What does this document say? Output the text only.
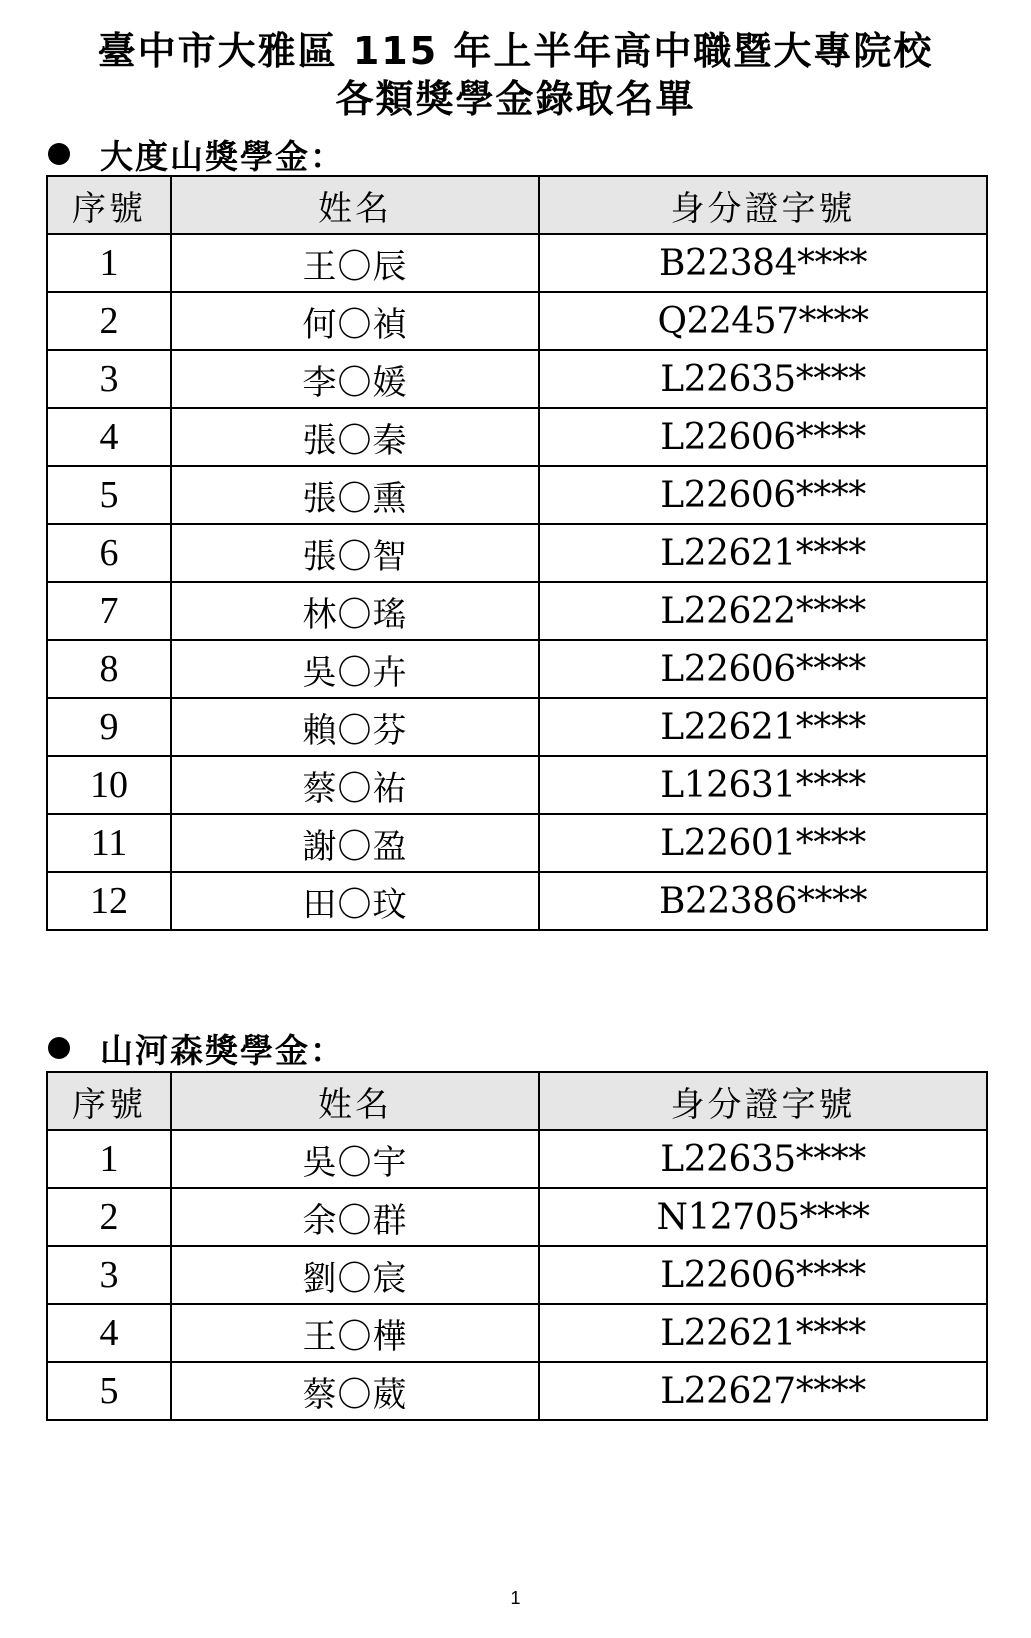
臺中市大雅區 115 年上半年高中職暨大專院校
各類獎學金錄取名單
大度山獎學金：
序號	姓名	身分證字號
1	王〇辰	B22384****
2	何〇禎	Q22457****
3	李〇媛	L22635****
4	張〇秦	L22606****
5	張〇熏	L22606****
6	張〇智	L22621****
7	林〇瑤	L22622****
8	吳〇卉	L22606****
9	賴〇芬	L22621****
10	蔡〇祐	L12631****
11	謝〇盈	L22601****
12	田〇玟	B22386****
山河森獎學金：
序號	姓名	身分證字號
1	吳〇宇	L22635****
2	余〇群	N12705****
3	劉〇宸	L22606****
4	王〇樺	L22621****
5	蔡〇葳	L22627****
1
